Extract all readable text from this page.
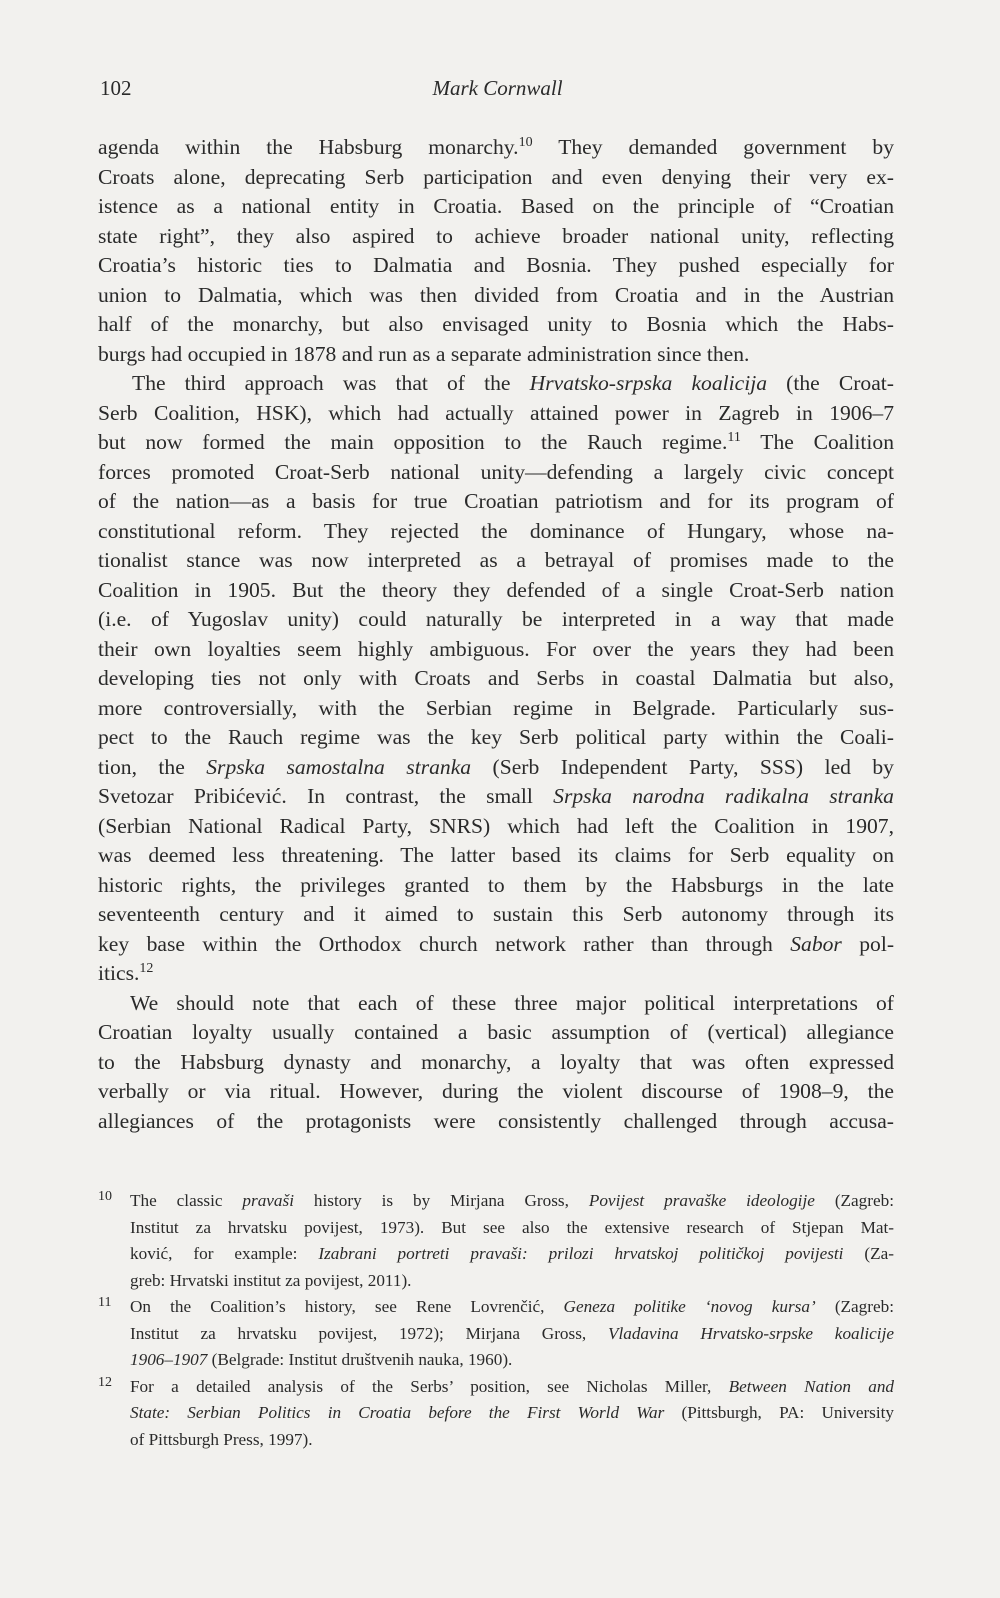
102	Mark Cornwall
agenda within the Habsburg monarchy.$^{10}$ They demanded government by
Croats alone, deprecating Serb participation and even denying their very ex-
istence as a national entity in Croatia. Based on the principle of “Croatian
state right”, they also aspired to achieve broader national unity, reflecting
Croatia’s historic ties to Dalmatia and Bosnia. They pushed especially for
union to Dalmatia, which was then divided from Croatia and in the Austrian
half of the monarchy, but also envisaged unity to Bosnia which the Habs-
burgs had occupied in 1878 and run as a separate administration since then.
The third approach was that of the Hrvatsko-srpska koalicija (the Croat-
Serb Coalition, HSK), which had actually attained power in Zagreb in 1906–7
but now formed the main opposition to the Rauch regime.$^{11}$ The Coalition
forces promoted Croat-Serb national unity—defending a largely civic concept
of the nation—as a basis for true Croatian patriotism and for its program of
constitutional reform. They rejected the dominance of Hungary, whose na-
tionalist stance was now interpreted as a betrayal of promises made to the
Coalition in 1905. But the theory they defended of a single Croat-Serb nation
(i.e. of Yugoslav unity) could naturally be interpreted in a way that made
their own loyalties seem highly ambiguous. For over the years they had been
developing ties not only with Croats and Serbs in coastal Dalmatia but also,
more controversially, with the Serbian regime in Belgrade. Particularly sus-
pect to the Rauch regime was the key Serb political party within the Coali-
tion, the Srpska samostalna stranka (Serb Independent Party, SSS) led by
Svetozar Pribićević. In contrast, the small Srpska narodna radikalna stranka
(Serbian National Radical Party, SNRS) which had left the Coalition in 1907,
was deemed less threatening. The latter based its claims for Serb equality on
historic rights, the privileges granted to them by the Habsburgs in the late
seventeenth century and it aimed to sustain this Serb autonomy through its
key base within the Orthodox church network rather than through Sabor pol-
itics.$^{12}$
We should note that each of these three major political interpretations of
Croatian loyalty usually contained a basic assumption of (vertical) allegiance
to the Habsburg dynasty and monarchy, a loyalty that was often expressed
verbally or via ritual. However, during the violent discourse of 1908–9, the
allegiances of the protagonists were consistently challenged through accusa-
10 The classic pravaši history is by Mirjana Gross, Povijest pravaške ideologije (Zagreb:
Institut za hrvatsku povijest, 1973). But see also the extensive research of Stjepan Mat-
ković, for example: Izabrani portreti pravaši: prilozi hrvatskoj političkoj povijesti (Za-
greb: Hrvatski institut za povijest, 2011).
11 On the Coalition’s history, see Rene Lovrenčić, Geneza politike ‘novog kursa’ (Zagreb:
Institut za hrvatsku povijest, 1972); Mirjana Gross, Vladavina Hrvatsko-srpske koalicije
1906–1907 (Belgrade: Institut društvenih nauka, 1960).
12 For a detailed analysis of the Serbs’ position, see Nicholas Miller, Between Nation and
State: Serbian Politics in Croatia before the First World War (Pittsburgh, PA: University
of Pittsburgh Press, 1997).
